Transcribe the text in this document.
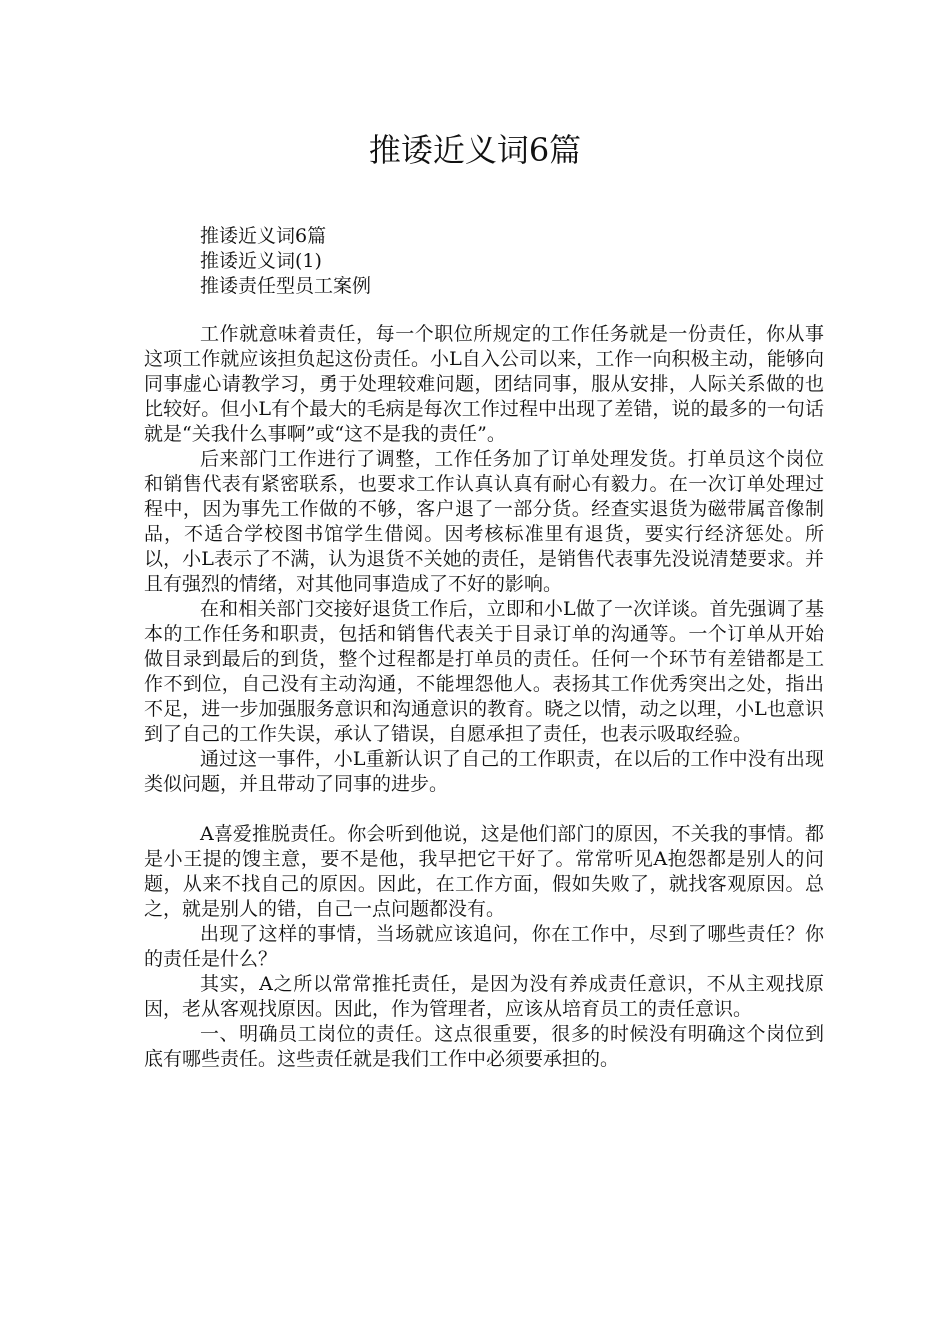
推诿近义词6篇
推诿近义词6篇
推诿近义词(1)
推诿责任型员工案例

工作就意味着责任，每一个职位所规定的工作任务就是一份责任，你从事这项工作就应该担负起这份责任。小L自入公司以来，工作一向积极主动，能够向同事虚心请教学习，勇于处理较难问题，团结同事，服从安排，人际关系做的也比较好。但小L有个最大的毛病是每次工作过程中出现了差错，说的最多的一句话就是“关我什么事啊”或“这不是我的责任”。

后来部门工作进行了调整，工作任务加了订单处理发货。打单员这个岗位和销售代表有紧密联系，也要求工作认真认真有耐心有毅力。在一次订单处理过程中，因为事先工作做的不够，客户退了一部分货。经查实退货为磁带属音像制品，不适合学校图书馆学生借阅。因考核标准里有退货，要实行经济惩处。所以，小L表示了不满，认为退货不关她的责任，是销售代表事先没说清楚要求。并且有强烈的情绪，对其他同事造成了不好的影响。

在和相关部门交接好退货工作后，立即和小L做了一次详谈。首先强调了基本的工作任务和职责，包括和销售代表关于目录订单的沟通等。一个订单从开始做目录到最后的到货，整个过程都是打单员的责任。任何一个环节有差错都是工作不到位，自己没有主动沟通，不能埋怨他人。表扬其工作优秀突出之处，指出不足，进一步加强服务意识和沟通意识的教育。晓之以情，动之以理，小L也意识到了自己的工作失误，承认了错误，自愿承担了责任，也表示吸取经验。

通过这一事件，小L重新认识了自己的工作职责，在以后的工作中没有出现类似问题，并且带动了同事的进步。

A喜爱推脱责任。你会听到他说，这是他们部门的原因，不关我的事情。都是小王提的馊主意，要不是他，我早把它干好了。常常听见A抱怨都是别人的问题，从来不找自己的原因。因此，在工作方面，假如失败了，就找客观原因。总之，就是别人的错，自己一点问题都没有。

出现了这样的事情，当场就应该追问，你在工作中，尽到了哪些责任？你的责任是什么？

其实，A之所以常常推托责任，是因为没有养成责任意识，不从主观找原因，老从客观找原因。因此，作为管理者，应该从培育员工的责任意识。

一、明确员工岗位的责任。这点很重要，很多的时候没有明确这个岗位到底有哪些责任。这些责任就是我们工作中必须要承担的。
